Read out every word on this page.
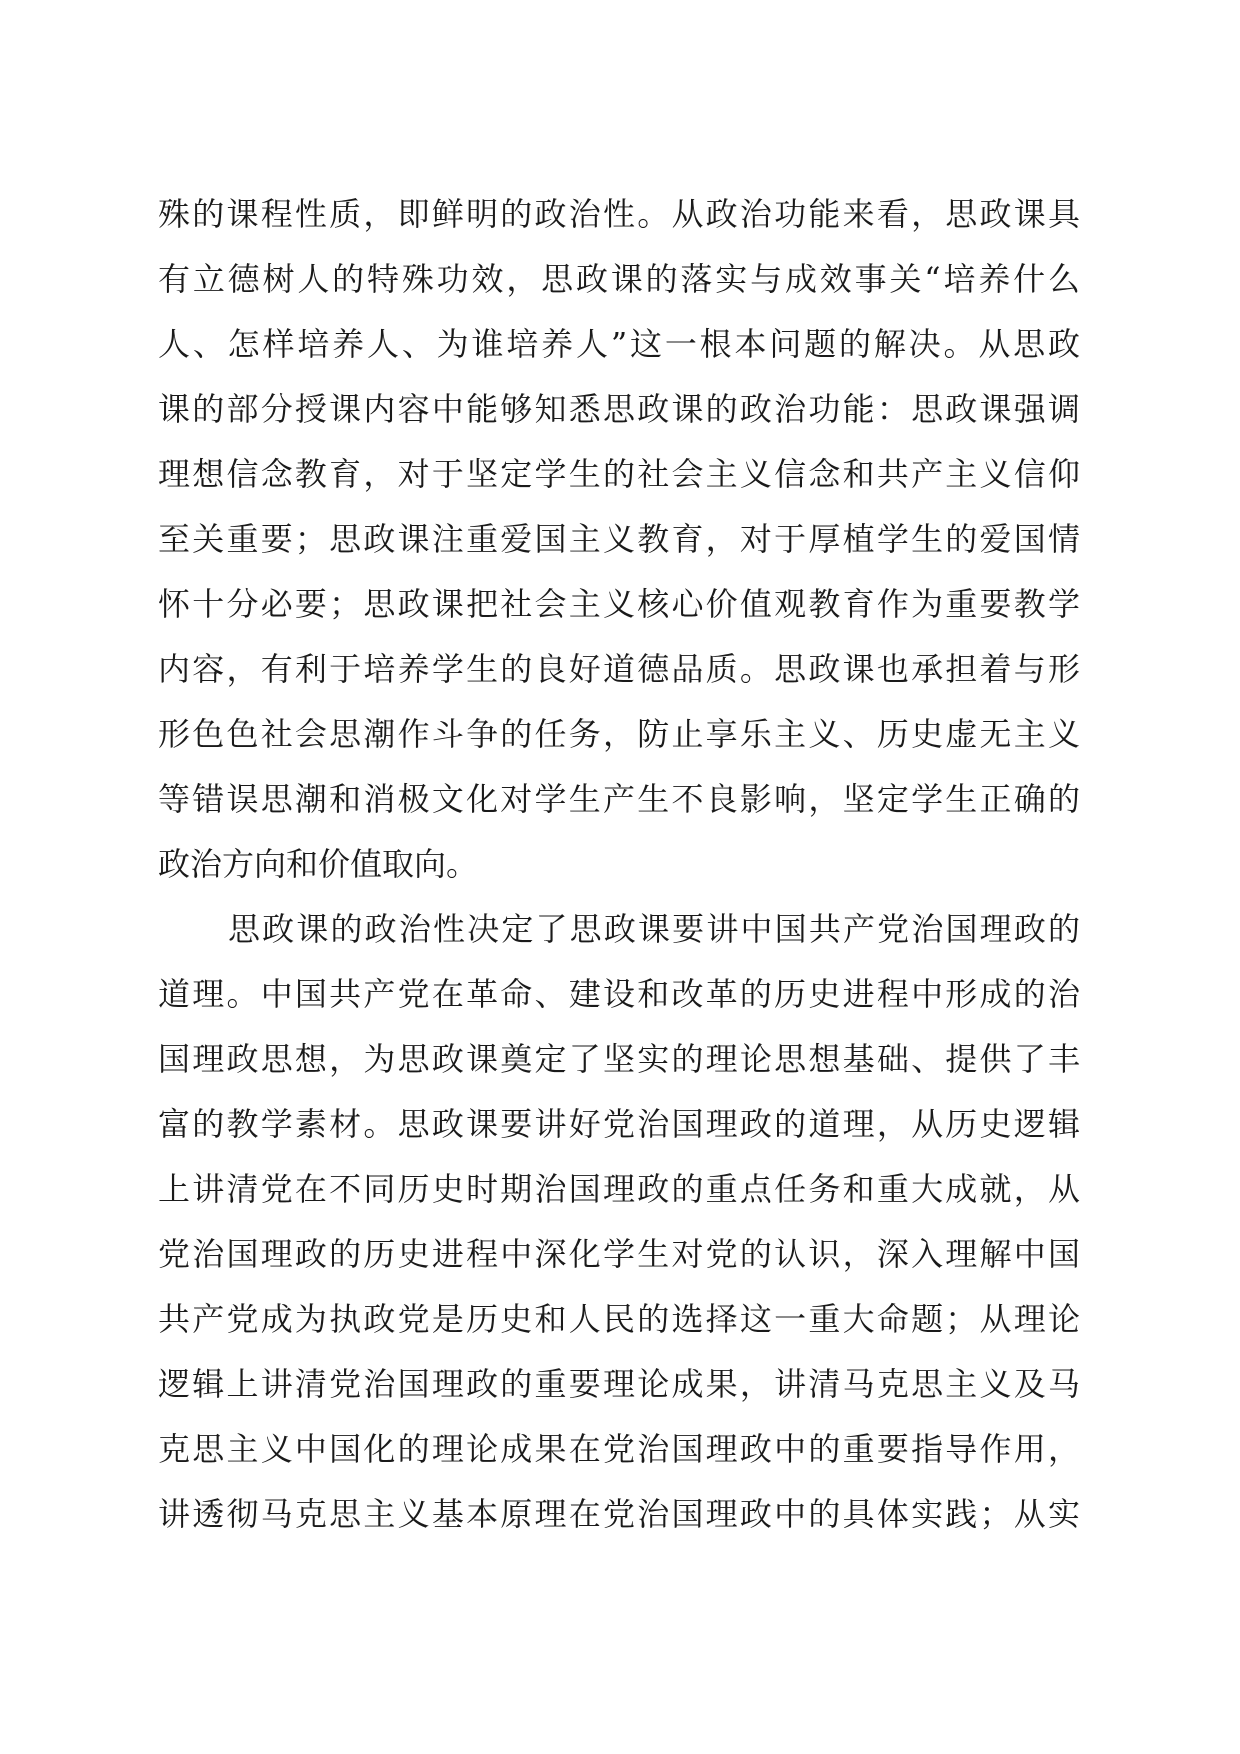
殊的课程性质，即鲜明的政治性。从政治功能来看，思政课具
有立德树人的特殊功效，思政课的落实与成效事关“培养什么
人、怎样培养人、为谁培养人”这一根本问题的解决。从思政
课的部分授课内容中能够知悉思政课的政治功能：思政课强调
理想信念教育，对于坚定学生的社会主义信念和共产主义信仰
至关重要；思政课注重爱国主义教育，对于厚植学生的爱国情
怀十分必要；思政课把社会主义核心价值观教育作为重要教学
内容，有利于培养学生的良好道德品质。思政课也承担着与形
形色色社会思潮作斗争的任务，防止享乐主义、历史虚无主义
等错误思潮和消极文化对学生产生不良影响，坚定学生正确的
政治方向和价值取向。
思政课的政治性决定了思政课要讲中国共产党治国理政的
道理。中国共产党在革命、建设和改革的历史进程中形成的治
国理政思想，为思政课奠定了坚实的理论思想基础、提供了丰
富的教学素材。思政课要讲好党治国理政的道理，从历史逻辑
上讲清党在不同历史时期治国理政的重点任务和重大成就，从
党治国理政的历史进程中深化学生对党的认识，深入理解中国
共产党成为执政党是历史和人民的选择这一重大命题；从理论
逻辑上讲清党治国理政的重要理论成果，讲清马克思主义及马
克思主义中国化的理论成果在党治国理政中的重要指导作用，
讲透彻马克思主义基本原理在党治国理政中的具体实践；从实
